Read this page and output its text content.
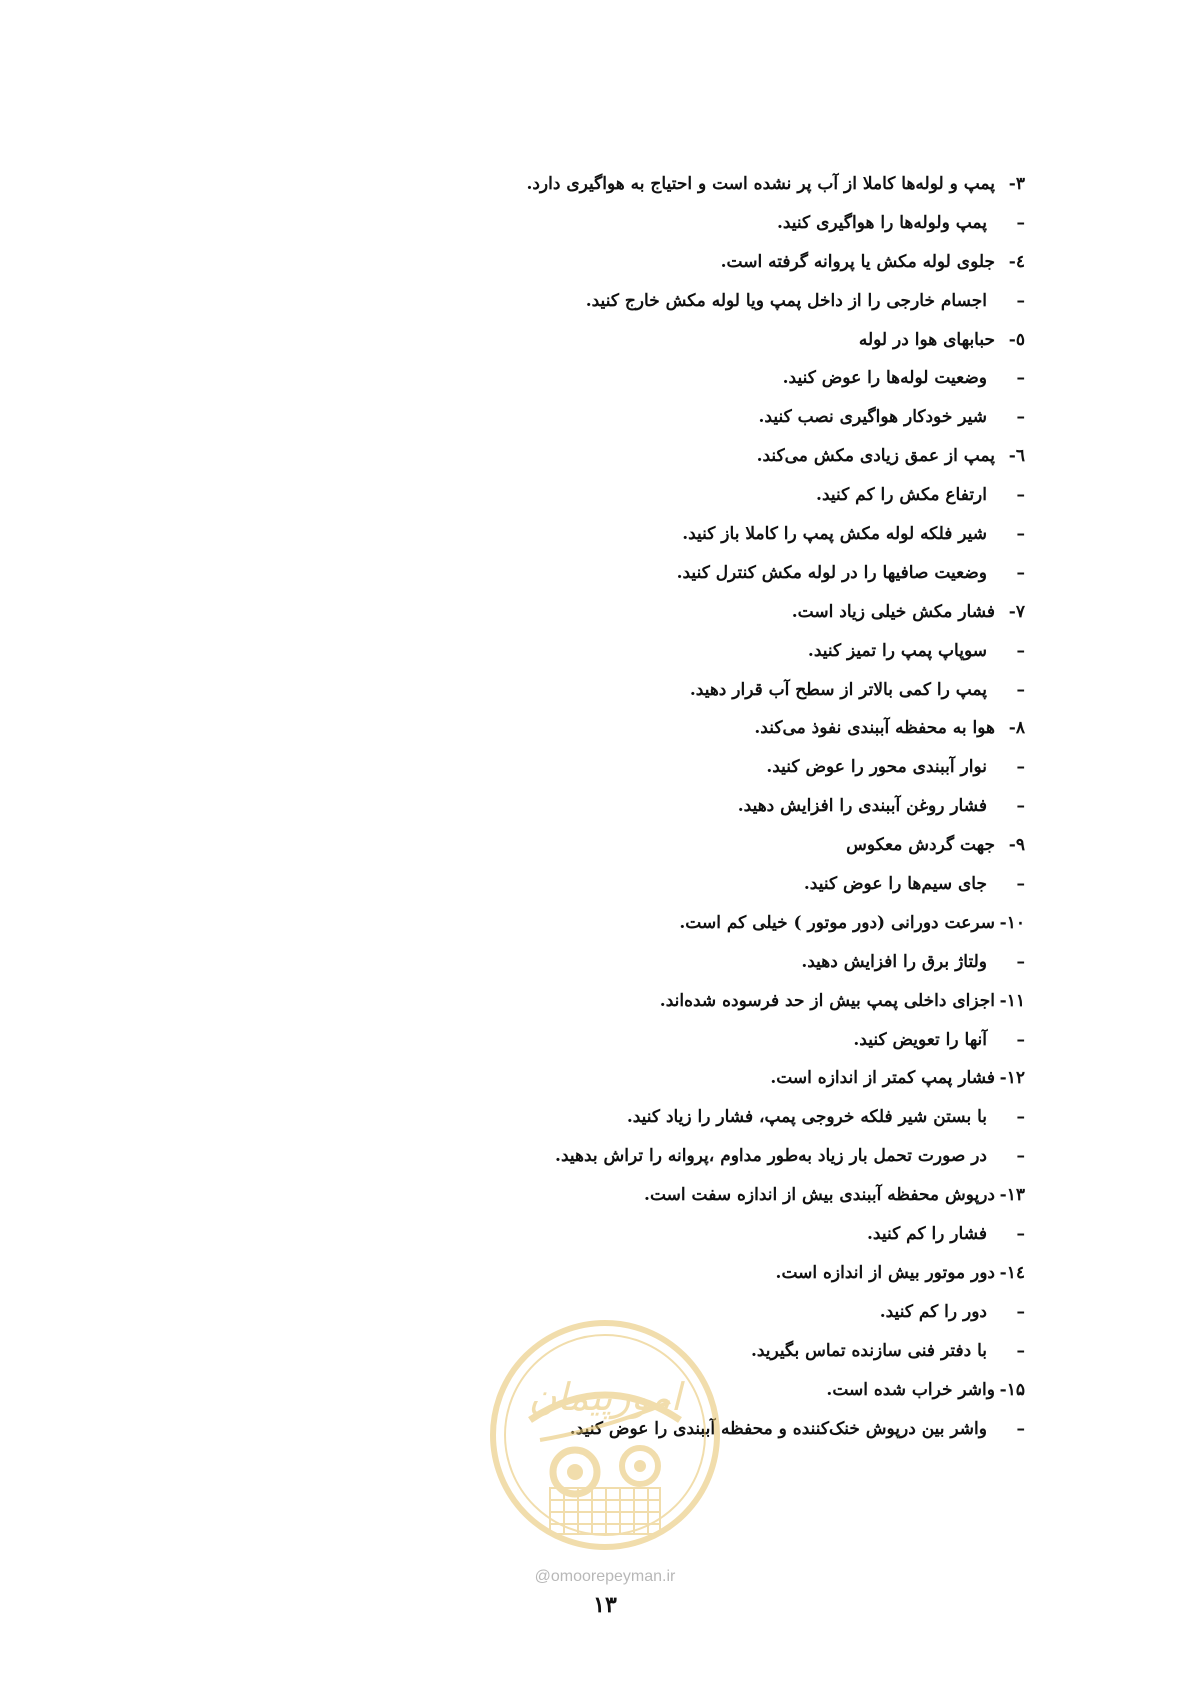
۳-پمپ و لوله‌ها کاملا از آب پر نشده است و احتیاج به هواگیری دارد.
–پمپ ولوله‌ها را هواگیری کنید.
٤-جلوی لوله مکش یا پروانه گرفته است.
–اجسام خارجی را از داخل پمپ ویا لوله مکش خارج کنید.
٥-حبابهای هوا در لوله
–وضعیت لوله‌ها را عوض کنید.
–شیر خودکار هواگیری نصب کنید.
٦-پمپ از عمق زیادی مکش می‌کند.
–ارتفاع مکش را کم کنید.
–شیر فلکه لوله مکش پمپ را کاملا باز کنید.
–وضعیت صافیها را در لوله مکش کنترل کنید.
۷-فشار مکش خیلی زیاد است.
–سوپاپ پمپ را تمیز کنید.
–پمپ را کمی بالاتر از سطح آب قرار دهید.
۸-هوا به محفظه آببندی نفوذ می‌کند.
–نوار آببندی محور را عوض کنید.
–فشار روغن آببندی را افزایش دهید.
۹-جهت گردش معکوس
–جای سیم‌ها را عوض کنید.
۱۰-سرعت دورانی (دور موتور ) خیلی کم است.
–ولتاژ برق را افزایش دهید.
۱۱-اجزای داخلی پمپ بیش از حد فرسوده شده‌اند.
–آنها را تعویض کنید.
۱۲-فشار پمپ کمتر از اندازه است.
–با بستن شیر فلکه خروجی پمپ، فشار را زیاد کنید.
–در صورت تحمل بار زیاد به‌طور مداوم ،پروانه را تراش بدهید.
۱۳-درپوش محفظه آببندی بیش از اندازه سفت است.
–فشار را کم کنید.
١٤-دور موتور بیش از اندازه است.
–دور را کم کنید.
–با دفتر فنی سازنده تماس بگیرید.
۱۵-واشر خراب شده است.
–واشر بین درپوش خنک‌کننده و محفظه آببندی را عوض کنید.
امورپیمان
@omoorepeyman.ir
۱۳
